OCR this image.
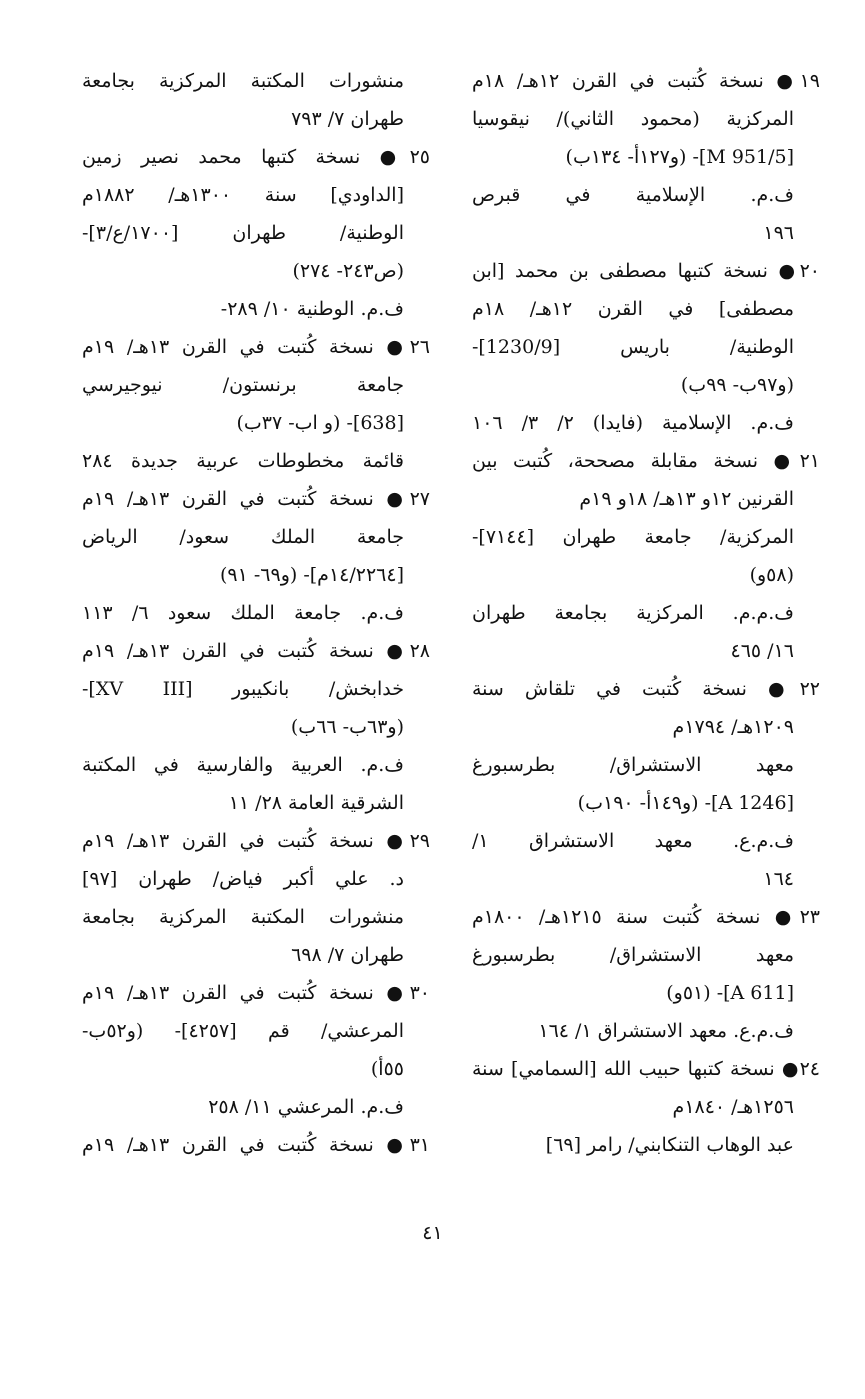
١٩● نسخة كُتبت في القرن ١٢هـ/ ١٨م
المركزية (محمود الثاني)/ نيقوسيا
[M 951/5]- (و١٢٧أ- ١٣٤ب)
ف.م. الإسلامية في قبرص
١٩٦
٢٠● نسخة كتبها مصطفى بن محمد [ابن
مصطفى] في القرن ١٢هـ/ ١٨م
الوطنية/ باريس [1230/9]-
(و٩٧ب- ٩٩ب)
ف.م. الإسلامية (فايدا) ٢/ ٣/ ١٠٦
٢١● نسخة مقابلة مصححة، كُتبت بين
القرنين ١٢و ١٣هـ/ ١٨و ١٩م
المركزية/ جامعة طهران [٧١٤٤]-
(٥٨و)
ف.م.م. المركزية بجامعة طهران
١٦/ ٤٦٥
٢٢● نسخة كُتبت في تلقاش سنة
١٢٠٩هـ/ ١٧٩٤م
معهد الاستشراق/ بطرسبورغ
[A 1246]- (و١٤٩أ- ١٩٠ب)
ف.م.ع. معهد الاستشراق ١/
١٦٤
٢٣● نسخة كُتبت سنة ١٢١٥هـ/ ١٨٠٠م
معهد الاستشراق/ بطرسبورغ
[A 611]- (٥١و)
ف.م.ع. معهد الاستشراق ١/ ١٦٤
٢٤● نسخة كتبها حبيب الله [السمامي] سنة
١٢٥٦هـ/ ١٨٤٠م
عبد الوهاب التنكابني/ رامر [٦٩]
منشورات المكتبة المركزية بجامعة
طهران ٧/ ٧٩٣
٢٥● نسخة كتبها محمد نصير زمين
[الداودي] سنة ١٣٠٠هـ/ ١٨٨٢م
الوطنية/ طهران [١٧٠٠/ع/٣]-
(ص٢٤٣- ٢٧٤)
ف.م. الوطنية ١٠/ ٢٨٩-
٢٦● نسخة كُتبت في القرن ١٣هـ/ ١٩م
جامعة برنستون/ نيوجيرسي
[638]- (و اب- ٣٧ب)
قائمة مخطوطات عربية جديدة ٢٨٤
٢٧● نسخة كُتبت في القرن ١٣هـ/ ١٩م
جامعة الملك سعود/ الرياض
[١٤/٢٢٦٤م]- (و٦٩- ٩١)
ف.م. جامعة الملك سعود ٦/ ١١٣
٢٨● نسخة كُتبت في القرن ١٣هـ/ ١٩م
خدابخش/ بانكيبور [XV III]-
(و٦٣ب- ٦٦ب)
ف.م. العربية والفارسية في المكتبة
الشرقية العامة ٢٨/ ١١
٢٩● نسخة كُتبت في القرن ١٣هـ/ ١٩م
د. علي أكبر فياض/ طهران [٩٧]
منشورات المكتبة المركزية بجامعة
طهران ٧/ ٦٩٨
٣٠● نسخة كُتبت في القرن ١٣هـ/ ١٩م
المرعشي/ قم [٤٢٥٧]- (و٥٢ب-
٥٥أ)
ف.م. المرعشي ١١/ ٢٥٨
٣١● نسخة كُتبت في القرن ١٣هـ/ ١٩م
٤١
